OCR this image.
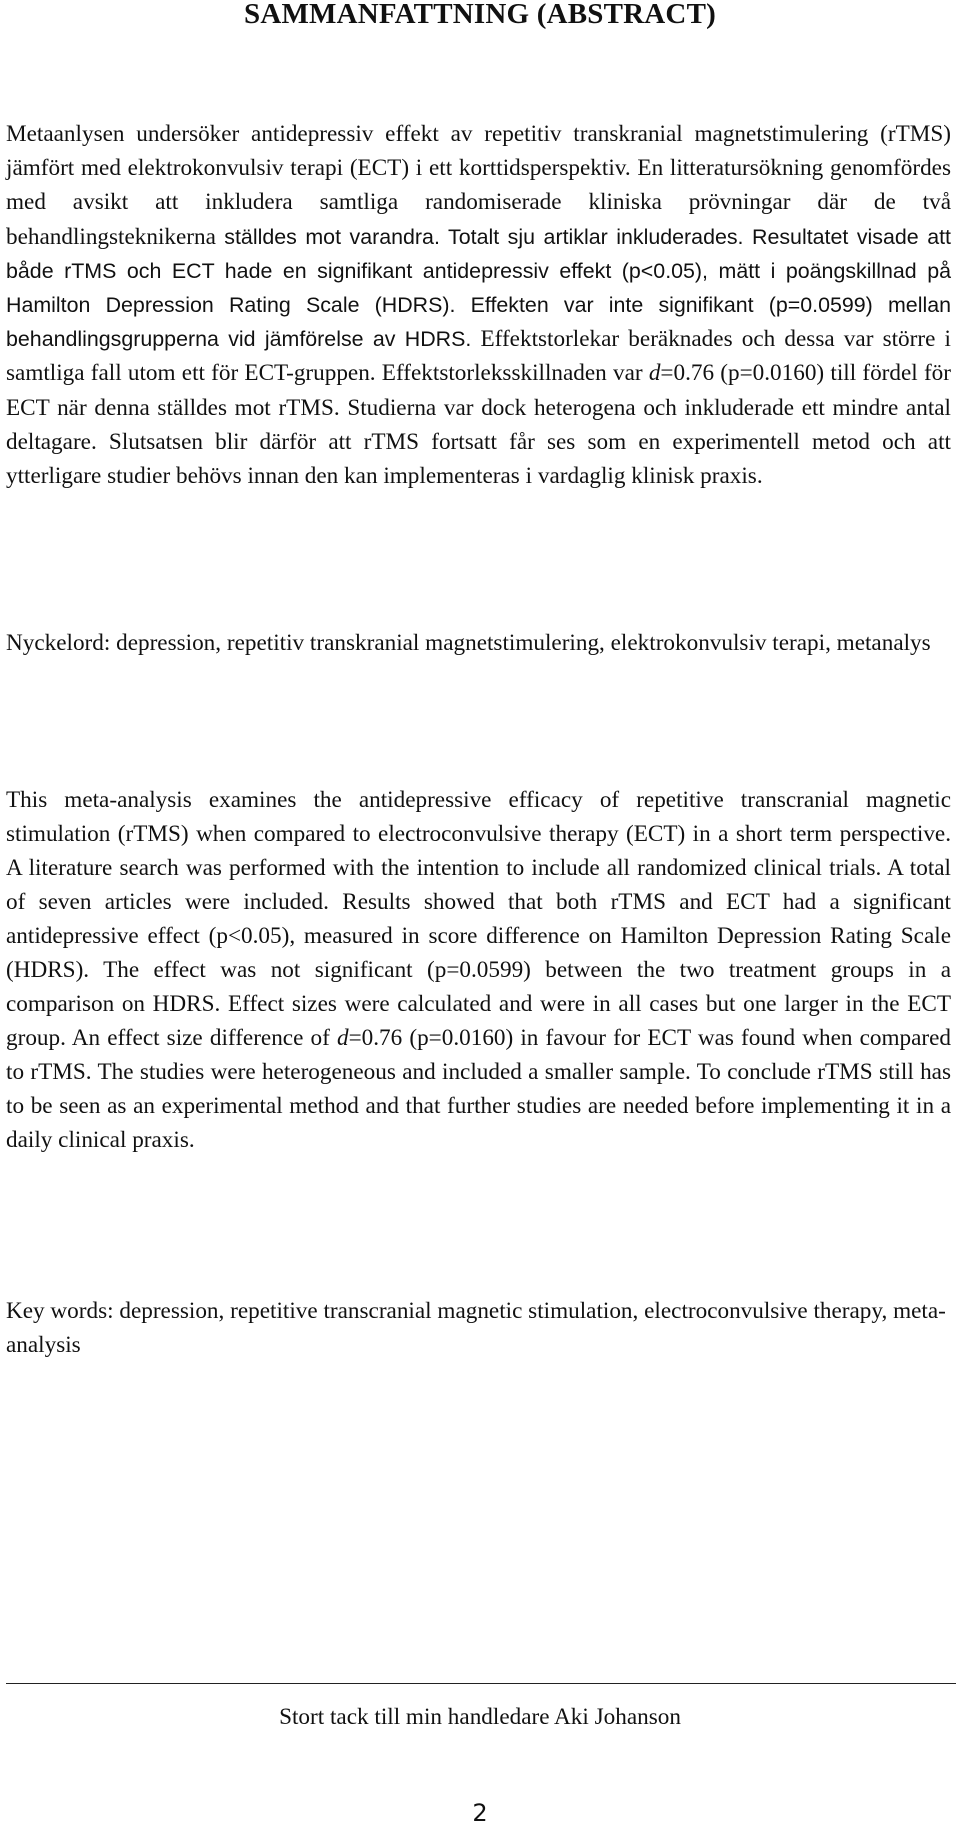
SAMMANFATTNING (ABSTRACT)

Metaanlysen undersöker antidepressiv effekt av repetitiv transkranial magnetstimulering (rTMS) jämfört med elektrokonvulsiv terapi (ECT) i ett korttidsperspektiv. En litteratursökning genomfördes med avsikt att inkludera samtliga randomiserade kliniska prövningar där de två behandlingsteknikerna ställdes mot varandra. Totalt sju artiklar inkluderades. Resultatet visade att både rTMS och ECT hade en signifikant antidepressiv effekt (p<0.05), mätt i poängskillnad på Hamilton Depression Rating Scale (HDRS). Effekten var inte signifikant (p=0.0599) mellan behandlingsgrupperna vid jämförelse av HDRS. Effektstorlekar beräknades och dessa var större i samtliga fall utom ett för ECT-gruppen. Effektstorleksskillnaden var d=0.76 (p=0.0160) till fördel för ECT när denna ställdes mot rTMS. Studierna var dock heterogena och inkluderade ett mindre antal deltagare. Slutsatsen blir därför att rTMS fortsatt får ses som en experimentell metod och att ytterligare studier behövs innan den kan implementeras i vardaglig klinisk praxis.

Nyckelord: depression, repetitiv transkranial magnetstimulering, elektrokonvulsiv terapi, metanalys

This meta-analysis examines the antidepressive efficacy of repetitive transcranial magnetic stimulation (rTMS) when compared to electroconvulsive therapy (ECT) in a short term perspective. A literature search was performed with the intention to include all randomized clinical trials. A total of seven articles were included. Results showed that both rTMS and ECT had a significant antidepressive effect (p<0.05), measured in score difference on Hamilton Depression Rating Scale (HDRS). The effect was not significant (p=0.0599) between the two treatment groups in a comparison on HDRS. Effect sizes were calculated and were in all cases but one larger in the ECT group. An effect size difference of d=0.76 (p=0.0160) in favour for ECT was found when compared to rTMS. The studies were heterogeneous and included a smaller sample. To conclude rTMS still has to be seen as an experimental method and that further studies are needed before implementing it in a daily clinical praxis.

Key words: depression, repetitive transcranial magnetic stimulation, electroconvulsive therapy, meta-analysis

Stort tack till min handledare Aki Johanson

2
